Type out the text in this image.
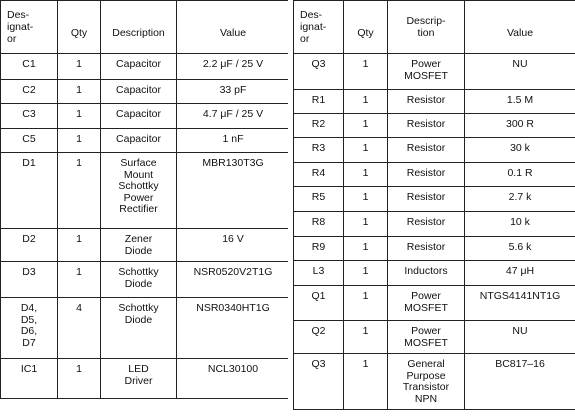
Des-
ignat-
or	Qty	Description	Value

C1	1	Capacitor	2.2 μF / 25 V

C2	1	Capacitor	33 pF

C3	1	Capacitor	4.7 μF / 25 V

C5	1	Capacitor	1 nF

D1	1	Surface
Mount
Schottky
Power
Rectifier	MBR130T3G

D2	1	Zener
Diode	16 V

D3	1	Schottky
Diode	NSR0520V2T1G

D4,
D5,
D6,
D7	4	Schottky
Diode	NSR0340HT1G

IC1	1	LED
Driver	NCL30100
Des-
ignat-
or	Qty	Descrip-
tion	Value

Q3	1	Power
MOSFET	NU

R1	1	Resistor	1.5 M

R2	1	Resistor	300 R

R3	1	Resistor	30 k

R4	1	Resistor	0.1 R

R5	1	Resistor	2.7 k

R8	1	Resistor	10 k

R9	1	Resistor	5.6 k

L3	1	Inductors	47 μH

Q1	1	Power
MOSFET	NTGS4141NT1G

Q2	1	Power
MOSFET	NU

Q3	1	General
Purpose
Transistor
NPN	BC817–16
